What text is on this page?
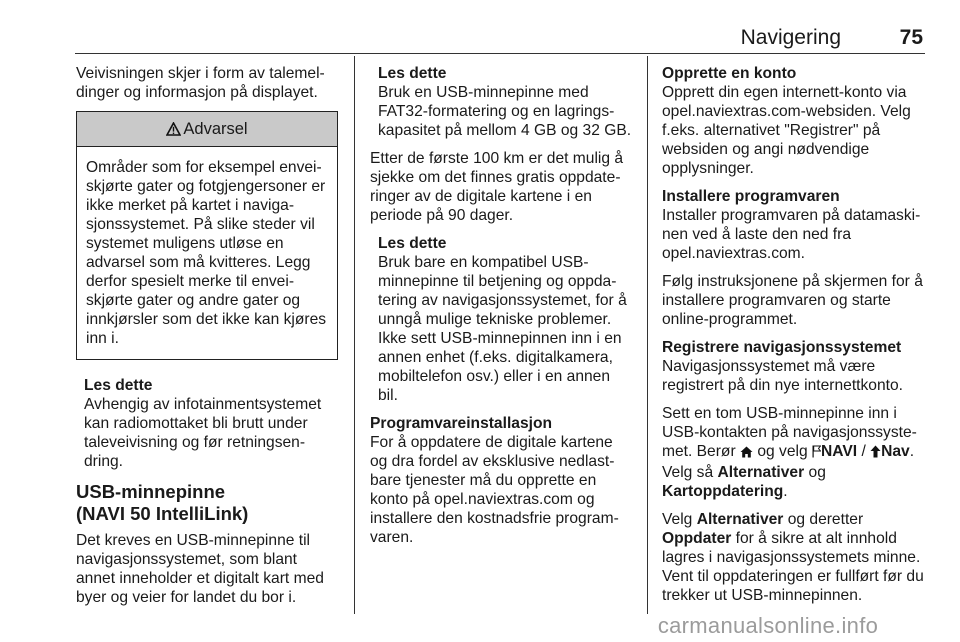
Navigering	75

Veivisningen skjer i form av talemeldinger og informasjon på displayet.

Advarsel
Områder som for eksempel enveiskjørte gater og fotgjengersoner er ikke merket på kartet i navigasjonssystemet. På slike steder vil systemet muligens utløse en advarsel som må kvitteres. Legg derfor spesielt merke til enveiskjørte gater og andre gater og innkjørsler som det ikke kan kjøres inn i.
Les dette
Avhengig av infotainmentsystemet kan radiomottaket bli brutt under taleveivisning og før retningsendring.
USB-minnepinne
(NAVI 50 IntelliLink)

Det kreves en USB-minnepinne til navigasjonssystemet, som blant annet inneholder et digitalt kart med byer og veier for landet du bor i.

Les dette
Bruk en USB-minnepinne med FAT32-formatering og en lagringskapasitet på mellom 4 GB og 32 GB.

Etter de første 100 km er det mulig å sjekke om det finnes gratis oppdateringer av de digitale kartene i en periode på 90 dager.

Les dette
Bruk bare en kompatibel USB-minnepinne til betjening og oppdatering av navigasjonssystemet, for å unngå mulige tekniske problemer. Ikke sett USB-minnepinnen inn i en annen enhet (f.eks. digitalkamera, mobiltelefon osv.) eller i en annen bil.
Programvareinstallasjon

For å oppdatere de digitale kartene og dra fordel av eksklusive nedlastbare tjenester må du opprette en konto på opel.naviextras.com og installere den kostnadsfrie programvaren.

Opprette en konto

Opprett din egen internett-konto via opel.naviextras.com-websiden. Velg f.eks. alternativet "Registrer" på websiden og angi nødvendige opplysninger.

Installere programvaren

Installer programvaren på datamaskinen ved å laste den ned fra opel.naviextras.com.

Følg instruksjonene på skjermen for å installere programvaren og starte online-programmet.

Registrere navigasjonssystemet

Navigasjonssystemet må være registrert på din nye internettkonto.

Sett en tom USB-minnepinne inn i USB-kontakten på navigasjonssystemet. Berør og velg NAVI / Nav. Velg så Alternativer og
Kartoppdatering.

Velg Alternativer og deretter
Oppdater for å sikre at alt innhold lagres i navigasjonssystemets minne. Vent til oppdateringen er fullført før du trekker ut USB-minnepinnen.

carmanualsonline.info
